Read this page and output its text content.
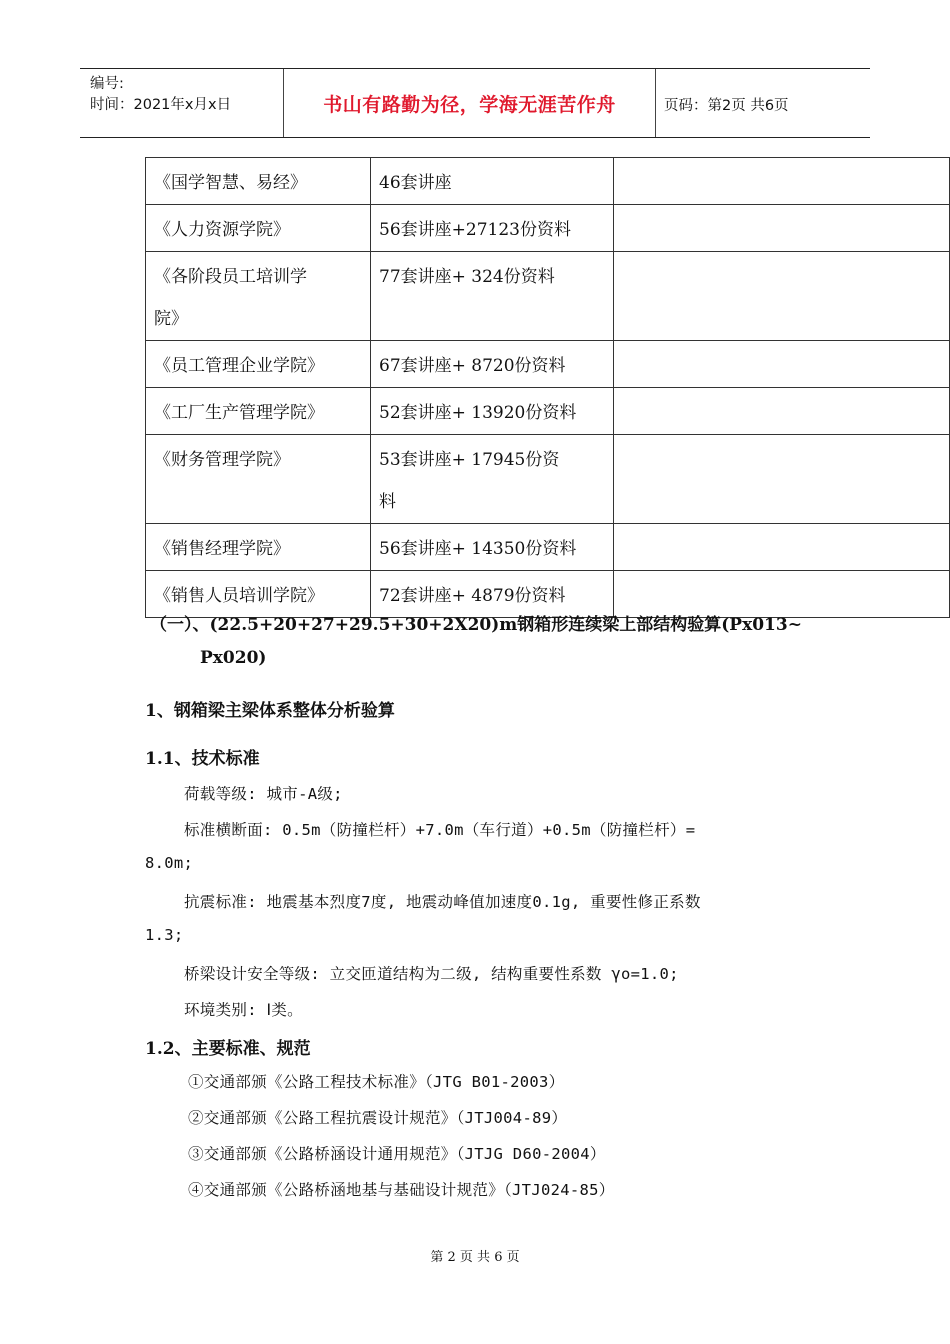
编号:
时间：2021年x月x日	书山有路勤为径，学海无涯苦作舟	页码：第2页 共6页
《国学智慧、易经》	46套讲座	
《人力资源学院》	56套讲座+27123份资料	
《各阶段员工培训学
院》	77套讲座+ 324份资料	
《员工管理企业学院》	67套讲座+ 8720份资料	
《工厂生产管理学院》	52套讲座+ 13920份资料	
《财务管理学院》	53套讲座+ 17945份资
料	
《销售经理学院》	56套讲座+ 14350份资料	
《销售人员培训学院》	72套讲座+ 4879份资料	
（一）、(22.5+20+27+29.5+30+2X20)m钢箱形连续梁上部结构验算(Px013~
Px020)
1、钢箱梁主梁体系整体分析验算
1.1、技术标准
荷载等级: 城市-A级;
标准横断面: 0.5m（防撞栏杆）+7.0m（车行道）+0.5m（防撞栏杆）=
8.0m;
抗震标准: 地震基本烈度7度, 地震动峰值加速度0.1g, 重要性修正系数
1.3;
桥梁设计安全等级: 立交匝道结构为二级, 结构重要性系数 γo=1.0;
环境类别: Ⅰ类。
1.2、主要标准、规范
①交通部颁《公路工程技术标准》（JTG B01-2003）
②交通部颁《公路工程抗震设计规范》（JTJ004-89）
③交通部颁《公路桥涵设计通用规范》（JTJG D60-2004）
④交通部颁《公路桥涵地基与基础设计规范》（JTJ024-85）
第 2 页 共 6 页
